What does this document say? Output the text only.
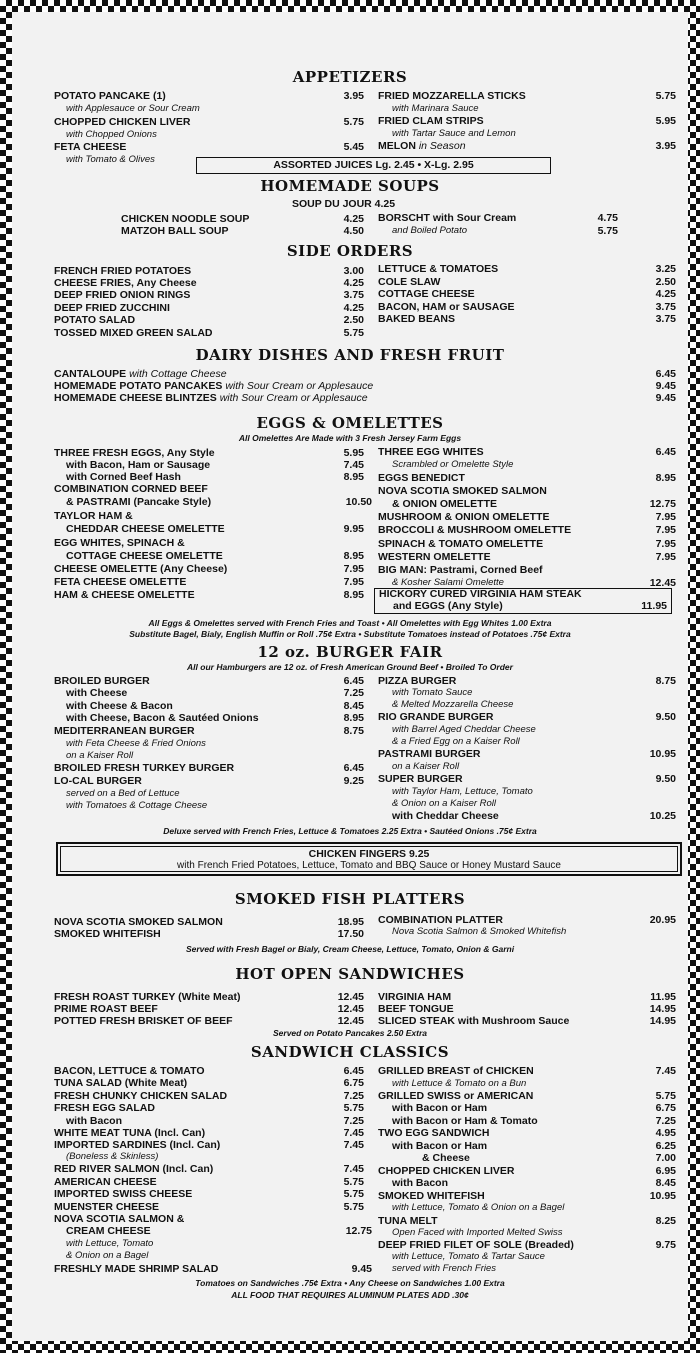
APPETIZERS
POTATO PANCAKE (1)	3.95
with Applesauce or Sour Cream
CHOPPED CHICKEN LIVER	5.75
with Chopped Onions
FETA CHEESE	5.45
with Tomato & Olives
FRIED MOZZARELLA STICKS	5.75
with Marinara Sauce
FRIED CLAM STRIPS	5.95
with Tartar Sauce and Lemon
MELON in Season	3.95
ASSORTED JUICES Lg. 2.45 • X-Lg. 2.95
HOMEMADE SOUPS
SOUP DU JOUR 4.25
CHICKEN NOODLE SOUP	4.25
MATZOH BALL SOUP	4.50
BORSCHT with Sour Cream	4.75
and Boiled Potato	5.75
SIDE ORDERS
FRENCH FRIED POTATOES	3.00
CHEESE FRIES, Any Cheese	4.25
DEEP FRIED ONION RINGS	3.75
DEEP FRIED ZUCCHINI	4.25
POTATO SALAD	2.50
TOSSED MIXED GREEN SALAD	5.75
LETTUCE & TOMATOES	3.25
COLE SLAW	2.50
COTTAGE CHEESE	4.25
BACON, HAM or SAUSAGE	3.75
BAKED BEANS	3.75
DAIRY DISHES AND FRESH FRUIT
CANTALOUPE with Cottage Cheese	6.45
HOMEMADE POTATO PANCAKES with Sour Cream or Applesauce	9.45
HOMEMADE CHEESE BLINTZES with Sour Cream or Applesauce	9.45
EGGS & OMELETTES
All Omelettes Are Made with 3 Fresh Jersey Farm Eggs
THREE FRESH EGGS, Any Style	5.95
with Bacon, Ham or Sausage	7.45
with Corned Beef Hash	8.95
COMBINATION CORNED BEEF
& PASTRAMI (Pancake Style)	10.50
TAYLOR HAM &
CHEDDAR CHEESE OMELETTE	9.95
EGG WHITES, SPINACH &
COTTAGE CHEESE OMELETTE	8.95
CHEESE OMELETTE (Any Cheese)	7.95
FETA CHEESE OMELETTE	7.95
HAM & CHEESE OMELETTE	8.95
THREE EGG WHITES	6.45
Scrambled or Omelette Style
EGGS BENEDICT	8.95
NOVA SCOTIA SMOKED SALMON
& ONION OMELETTE	12.75
MUSHROOM & ONION OMELETTE	7.95
BROCCOLI & MUSHROOM OMELETTE	7.95
SPINACH & TOMATO OMELETTE	7.95
WESTERN OMELETTE	7.95
BIG MAN: Pastrami, Corned Beef
& Kosher Salami Omelette	12.45
HICKORY CURED VIRGINIA HAM STEAK
and EGGS (Any Style)	11.95
All Eggs & Omelettes served with French Fries and Toast • All Omelettes with Egg Whites 1.00 Extra
Substitute Bagel, Bialy, English Muffin or Roll .75¢ Extra • Substitute Tomatoes instead of Potatoes .75¢ Extra
12 oz. BURGER FAIR
All our Hamburgers are 12 oz. of Fresh American Ground Beef • Broiled To Order
BROILED BURGER	6.45
with Cheese	7.25
with Cheese & Bacon	8.45
with Cheese, Bacon & Sautéed Onions	8.95
MEDITERRANEAN BURGER	8.75
with Feta Cheese & Fried Onions
on a Kaiser Roll
BROILED FRESH TURKEY BURGER	6.45
LO-CAL BURGER	9.25
served on a Bed of Lettuce
with Tomatoes & Cottage Cheese
PIZZA BURGER	8.75
with Tomato Sauce
& Melted Mozzarella Cheese
RIO GRANDE BURGER	9.50
with Barrel Aged Cheddar Cheese
& a Fried Egg on a Kaiser Roll
PASTRAMI BURGER	10.95
on a Kaiser Roll
SUPER BURGER	9.50
with Taylor Ham, Lettuce, Tomato
& Onion on a Kaiser Roll
with Cheddar Cheese	10.25
Deluxe served with French Fries, Lettuce & Tomatoes 2.25 Extra • Sautéed Onions .75¢ Extra
CHICKEN FINGERS 9.25
with French Fried Potatoes, Lettuce, Tomato and BBQ Sauce or Honey Mustard Sauce
SMOKED FISH PLATTERS
NOVA SCOTIA SMOKED SALMON	18.95
SMOKED WHITEFISH	17.50
COMBINATION PLATTER	20.95
Nova Scotia Salmon & Smoked Whitefish
Served with Fresh Bagel or Bialy, Cream Cheese, Lettuce, Tomato, Onion & Garni
HOT OPEN SANDWICHES
FRESH ROAST TURKEY (White Meat)	12.45
PRIME ROAST BEEF	12.45
POTTED FRESH BRISKET OF BEEF	12.45
VIRGINIA HAM	11.95
BEEF TONGUE	14.95
SLICED STEAK with Mushroom Sauce	14.95
Served on Potato Pancakes 2.50 Extra
SANDWICH CLASSICS
BACON, LETTUCE & TOMATO	6.45
TUNA SALAD (White Meat)	6.75
FRESH CHUNKY CHICKEN SALAD	7.25
FRESH EGG SALAD	5.75
with Bacon	7.25
WHITE MEAT TUNA (Incl. Can)	7.45
IMPORTED SARDINES (Incl. Can)	7.45
(Boneless & Skinless)
RED RIVER SALMON (Incl. Can)	7.45
AMERICAN CHEESE	5.75
IMPORTED SWISS CHEESE	5.75
MUENSTER CHEESE	5.75
NOVA SCOTIA SALMON &
CREAM CHEESE	12.75
with Lettuce, Tomato
& Onion on a Bagel
FRESHLY MADE SHRIMP SALAD	9.45
GRILLED BREAST of CHICKEN	7.45
with Lettuce & Tomato on a Bun
GRILLED SWISS or AMERICAN	5.75
with Bacon or Ham	6.75
with Bacon or Ham & Tomato	7.25
TWO EGG SANDWICH	4.95
with Bacon or Ham	6.25
& Cheese	7.00
CHOPPED CHICKEN LIVER	6.95
with Bacon	8.45
SMOKED WHITEFISH	10.95
with Lettuce, Tomato & Onion on a Bagel
TUNA MELT	8.25
Open Faced with Imported Melted Swiss
DEEP FRIED FILET OF SOLE (Breaded)	9.75
with Lettuce, Tomato & Tartar Sauce
served with French Fries
Tomatoes on Sandwiches .75¢ Extra • Any Cheese on Sandwiches 1.00 Extra
ALL FOOD THAT REQUIRES ALUMINUM PLATES ADD .30¢
